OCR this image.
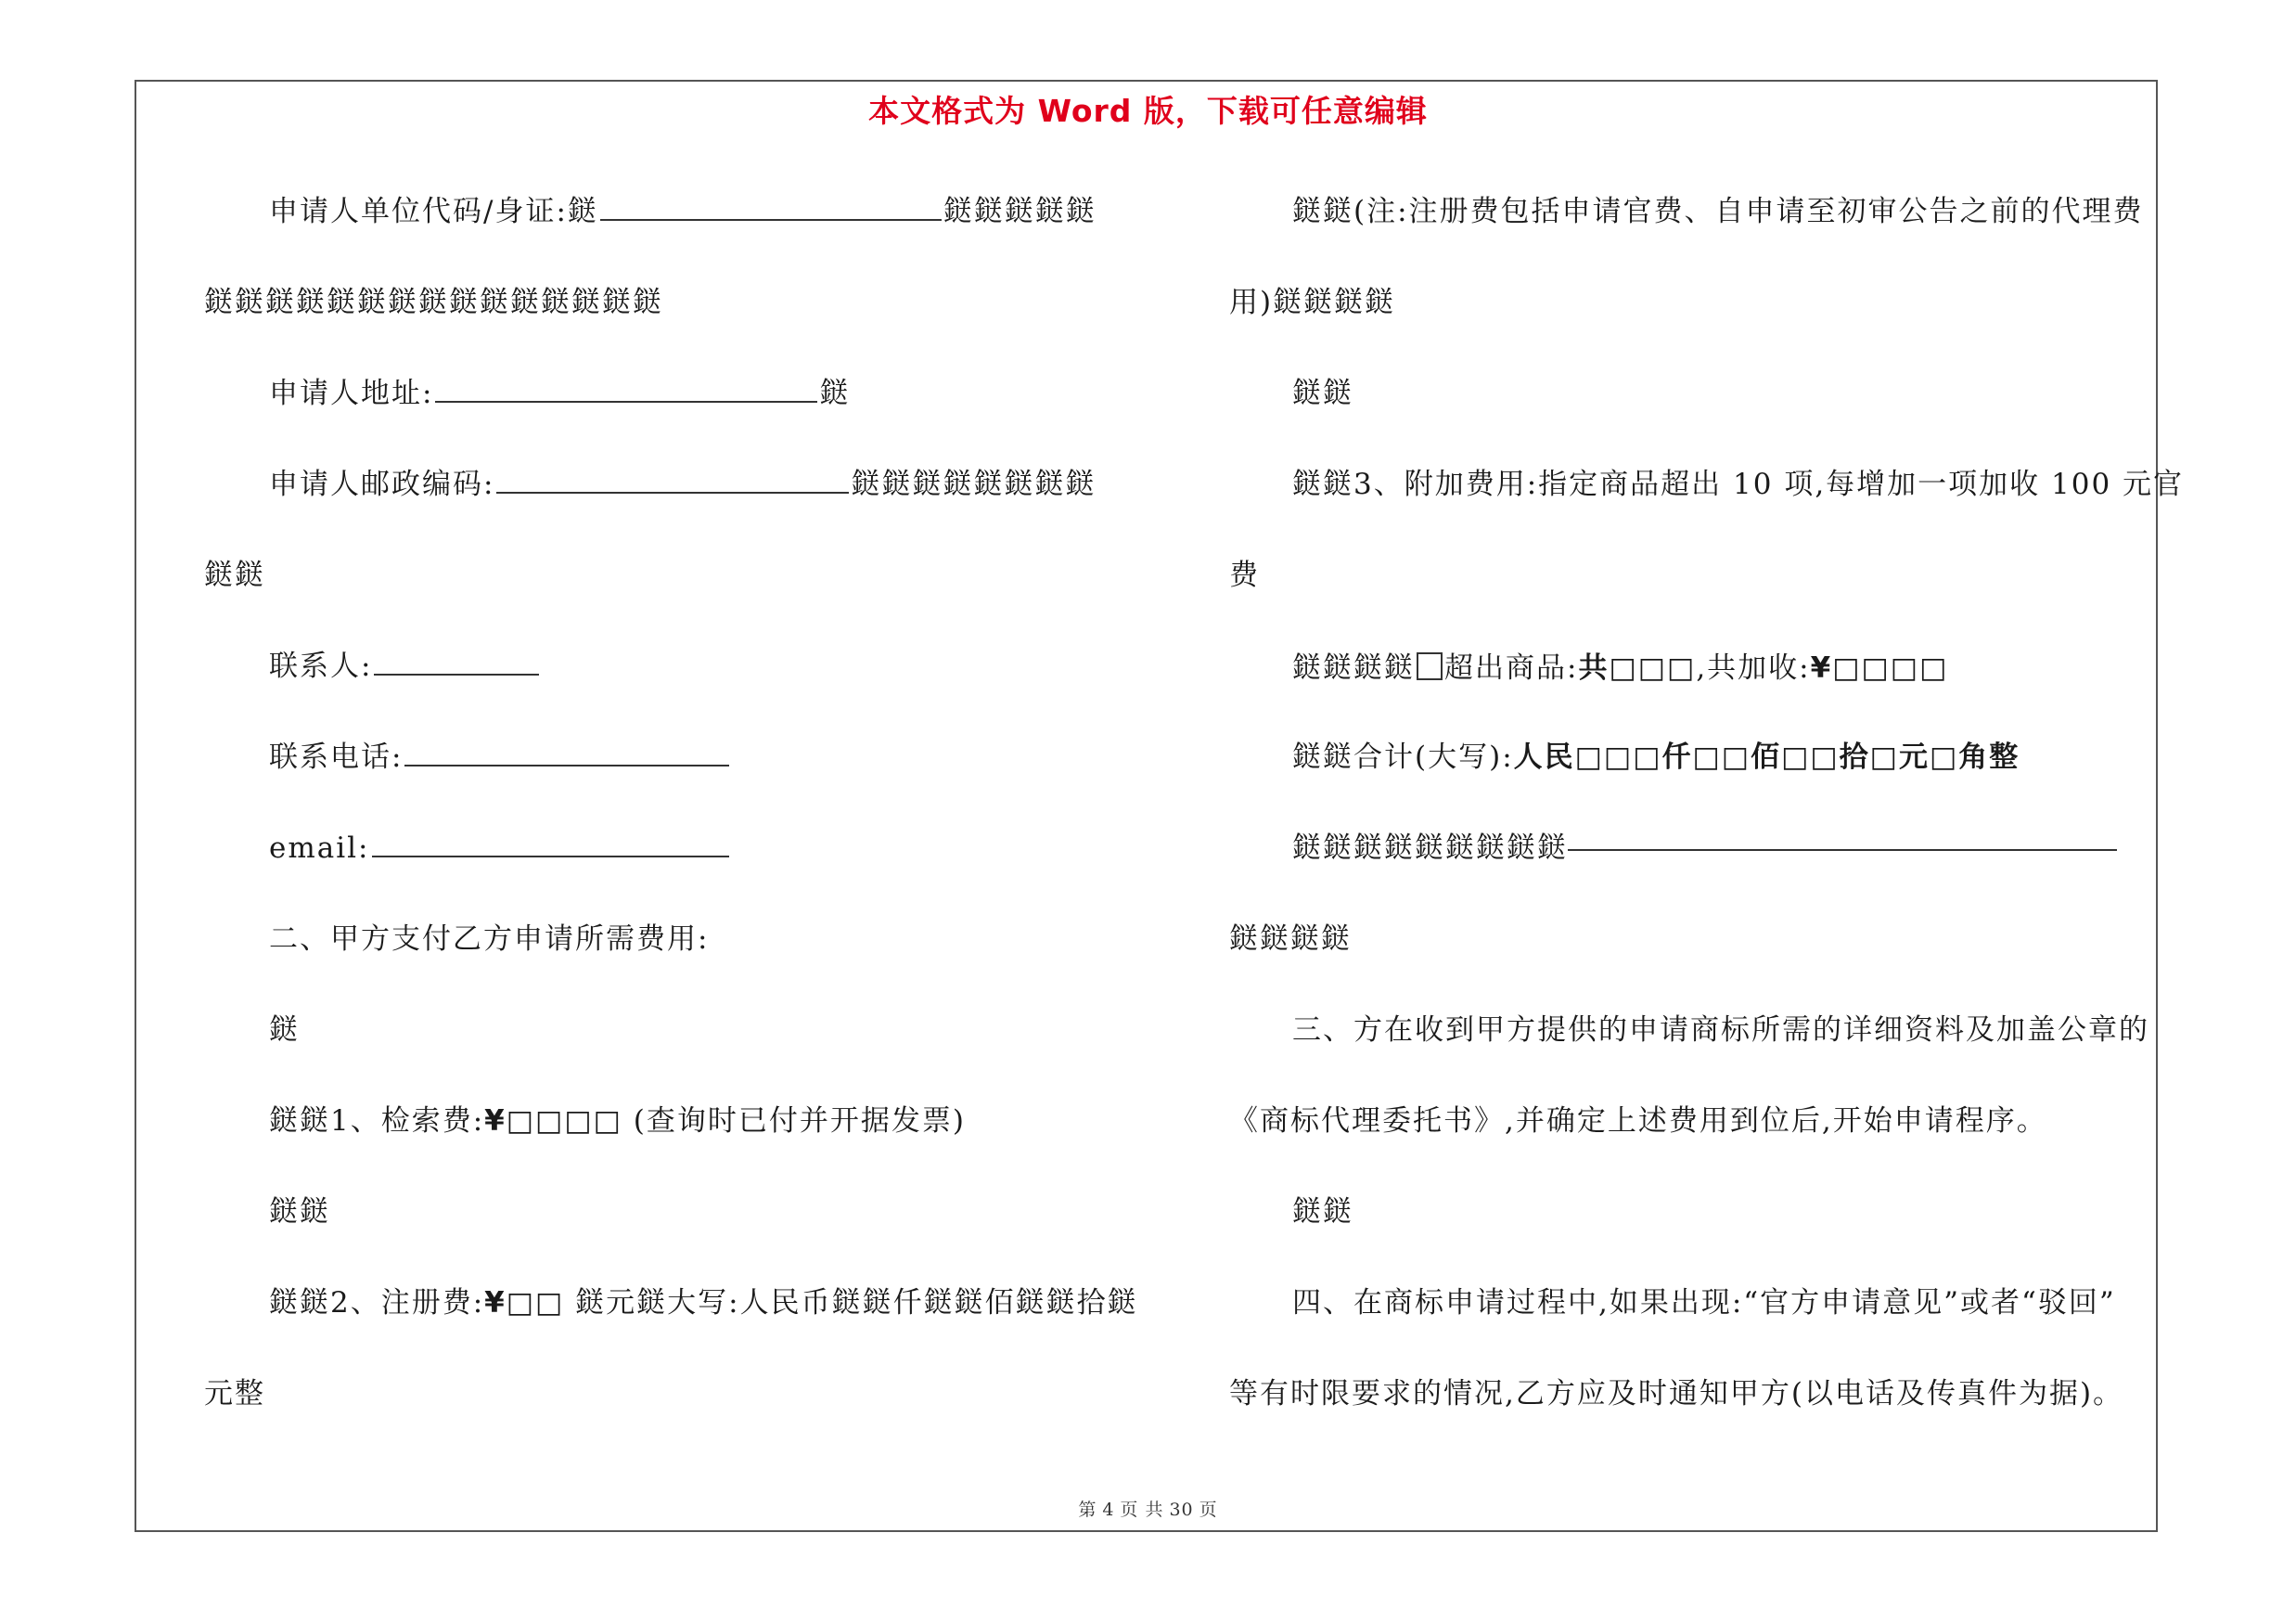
本文格式为 Word 版，下载可任意编辑
申请人单位代码/身证:鎹	鎹鎹鎹鎹鎹
鎹鎹鎹鎹鎹鎹鎹鎹鎹鎹鎹鎹鎹鎹鎹
申请人地址:	鎹
申请人邮政编码:	鎹鎹鎹鎹鎹鎹鎹鎹
鎹鎹
联系人:
联系电话:
email:
二、甲方支付乙方申请所需费用:
鎹
鎹鎹1、检索费:¥□□□□ (查询时已付并开据发票)
鎹鎹
鎹鎹2、注册费:¥□□ 鎹元鎹大写:人民币鎹鎹仟鎹鎹佰鎹鎹拾鎹
元整
鎹鎹(注:注册费包括申请官费、自申请至初审公告之前的代理费
用)鎹鎹鎹鎹
鎹鎹
鎹鎹3、附加费用:指定商品超出 10 项,每增加一项加收 100 元官
费
鎹鎹鎹鎹 超出商品:共□□□,共加收:¥□□□□
鎹鎹合计(大写):人民□□□仟□□佰□□拾□元□角整
鎹鎹鎹鎹鎹鎹鎹鎹鎹
鎹鎹鎹鎹
三、方在收到甲方提供的申请商标所需的详细资料及加盖公章的
《商标代理委托书》,并确定上述费用到位后,开始申请程序。
鎹鎹
四、在商标申请过程中,如果出现:“官方申请意见”或者“驳回”
等有时限要求的情况,乙方应及时通知甲方(以电话及传真件为据)。
第 4 页 共 30 页
